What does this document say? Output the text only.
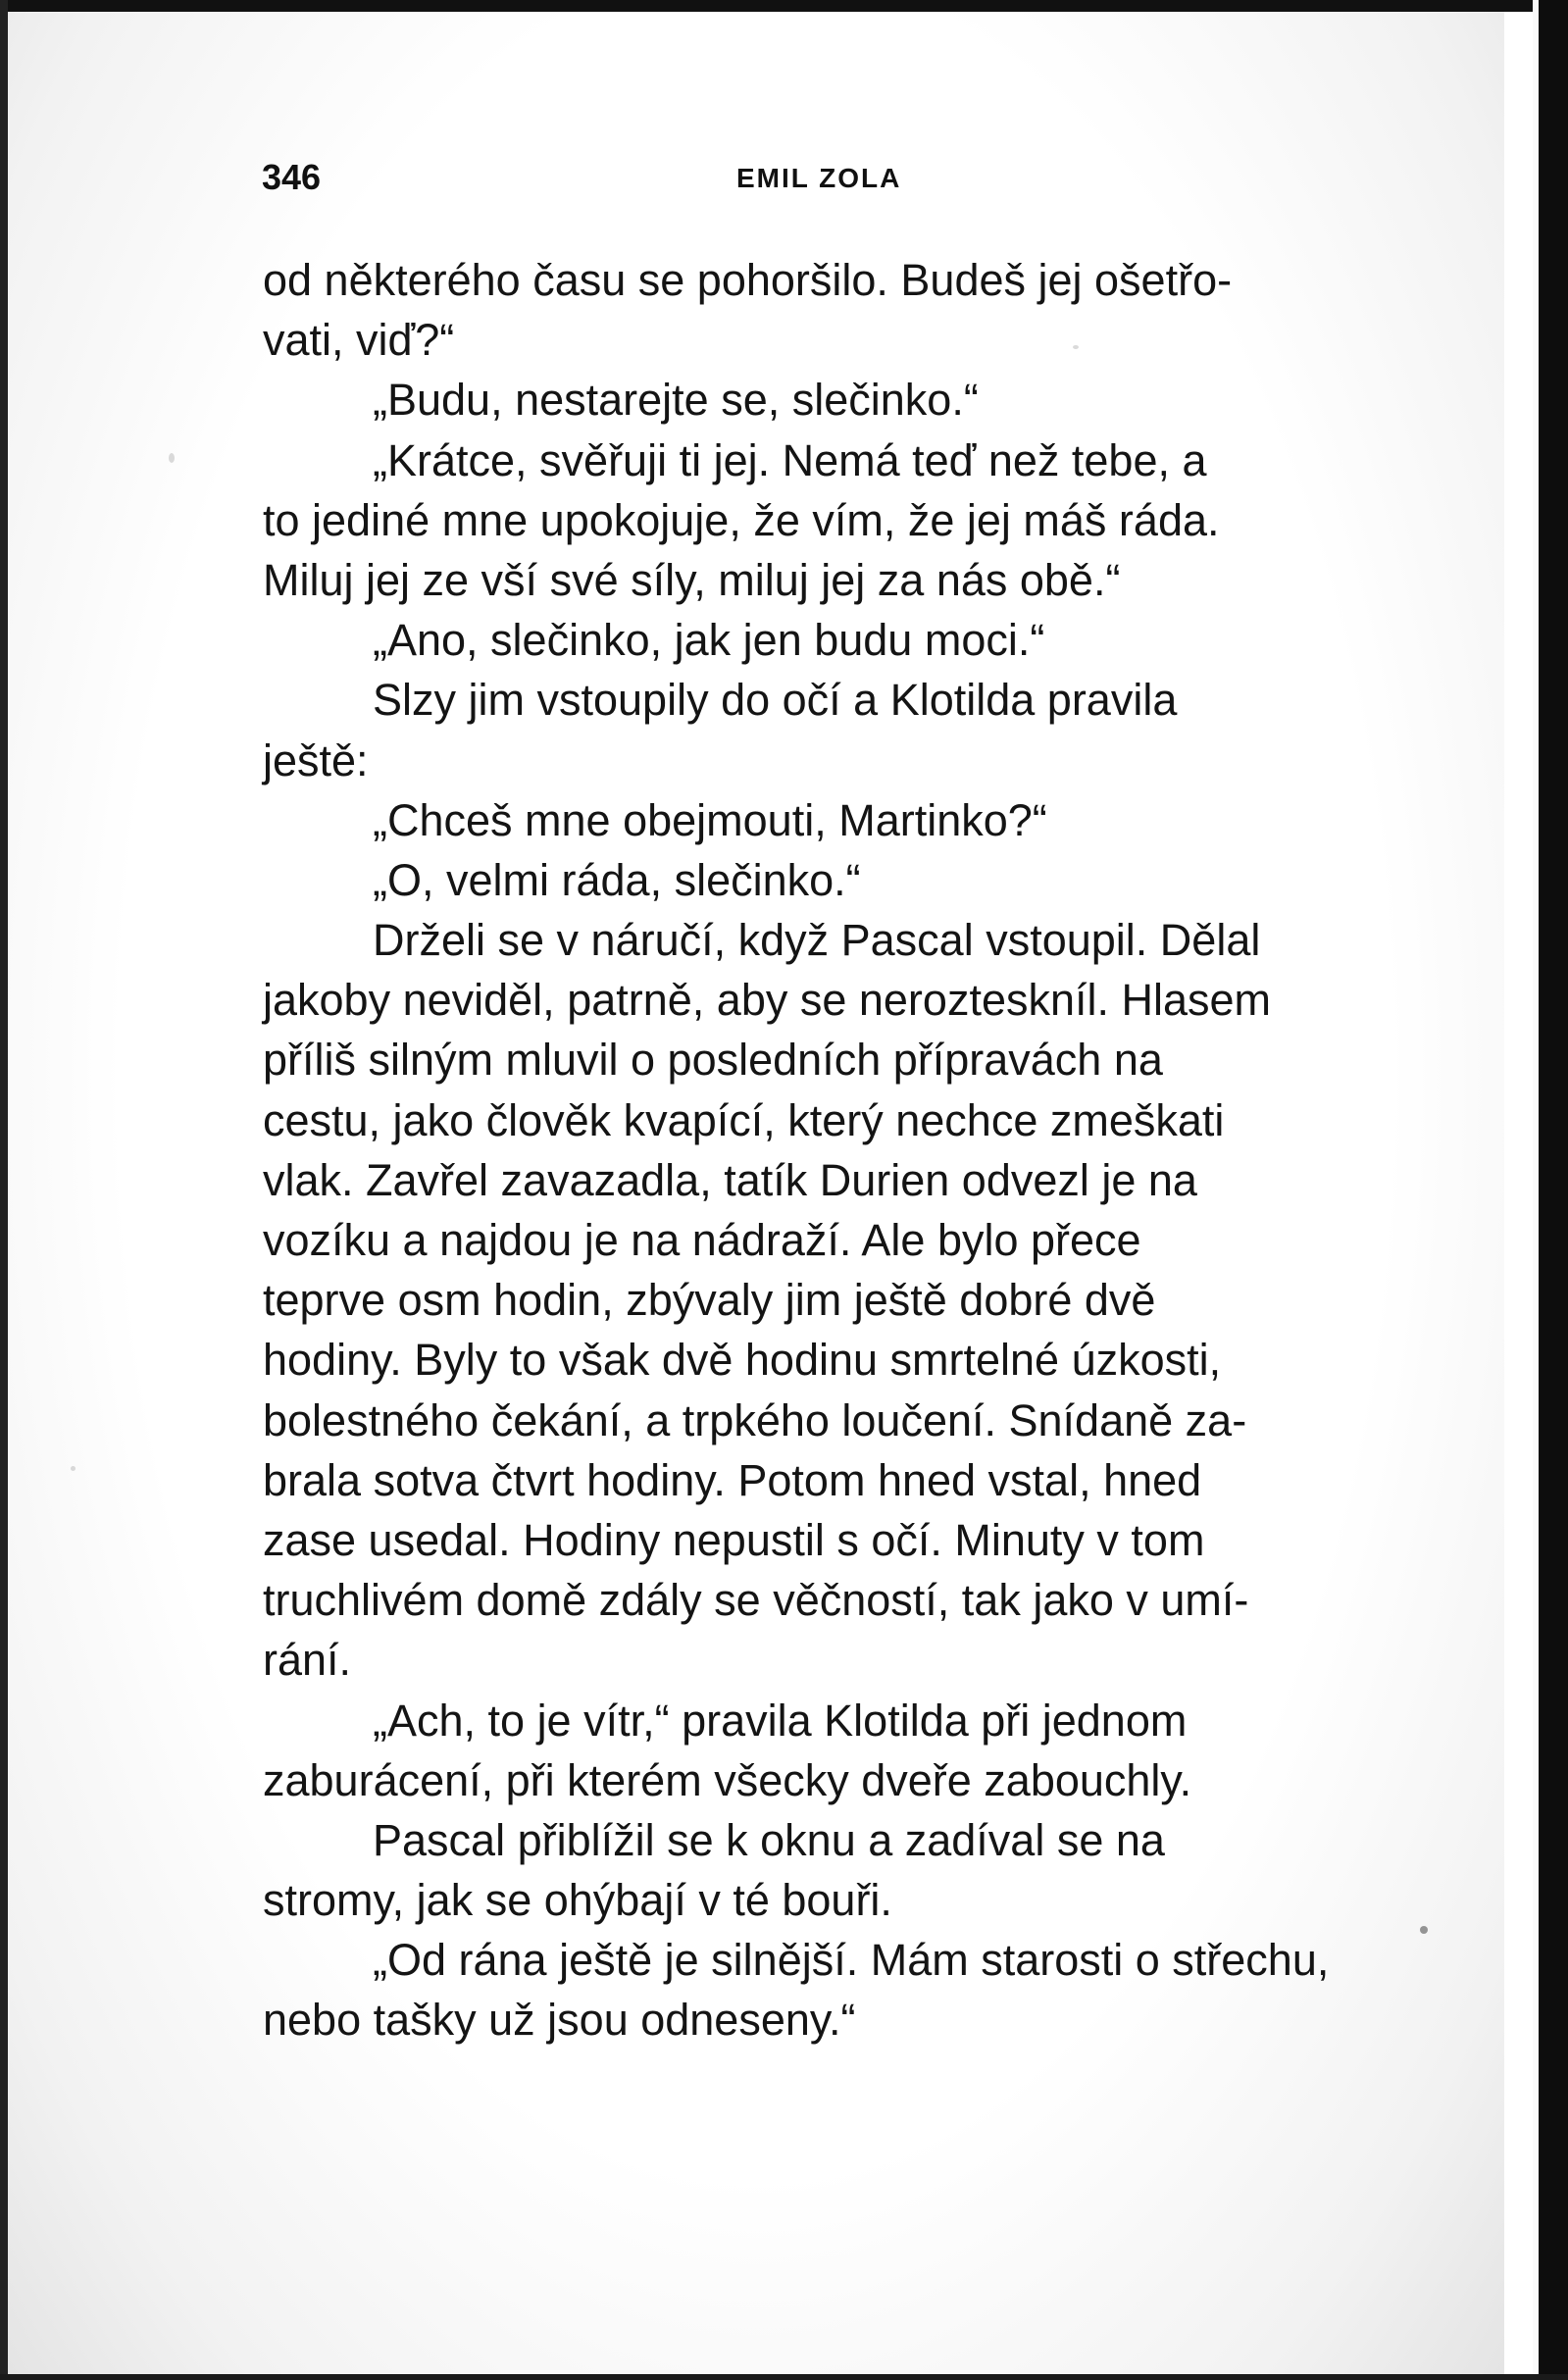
346	EMIL ZOLA
od některého času se pohoršilo. Budeš jej ošetřo-
vati, viď?“
„Budu, nestarejte se, slečinko.“
„Krátce, svěřuji ti jej. Nemá teď než tebe, a
to jediné mne upokojuje, že vím, že jej máš ráda.
Miluj jej ze vší své síly, miluj jej za nás obě.“
„Ano, slečinko, jak jen budu moci.“
Slzy jim vstoupily do očí a Klotilda pravila
ještě:
„Chceš mne obejmouti, Martinko?“
„O, velmi ráda, slečinko.“
Drželi se v náručí, když Pascal vstoupil. Dělal
jakoby neviděl, patrně, aby se nerozteskníl. Hlasem
příliš silným mluvil o posledních přípravách na
cestu, jako člověk kvapící, který nechce zmeškati
vlak. Zavřel zavazadla, tatík Durien odvezl je na
vozíku a najdou je na nádraží. Ale bylo přece
teprve osm hodin, zbývaly jim ještě dobré dvě
hodiny. Byly to však dvě hodinu smrtelné úzkosti,
bolestného čekání, a trpkého loučení. Snídaně za-
brala sotva čtvrt hodiny. Potom hned vstal, hned
zase usedal. Hodiny nepustil s očí. Minuty v tom
truchlivém domě zdály se věčností, tak jako v umí-
rání.
„Ach, to je vítr,“ pravila Klotilda při jednom
zaburácení, při kterém všecky dveře zabouchly.
Pascal přiblížil se k oknu a zadíval se na
stromy, jak se ohýbají v té bouři.
„Od rána ještě je silnější. Mám starosti o střechu,
nebo tašky už jsou odneseny.“
